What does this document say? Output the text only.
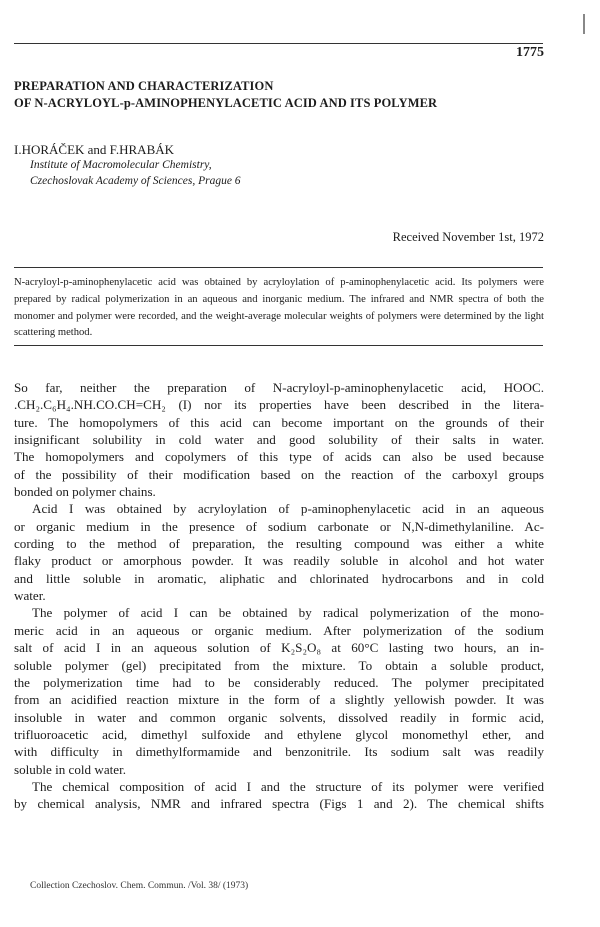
1775
PREPARATION AND CHARACTERIZATION
OF N-ACRYLOYL-p-AMINOPHENYLACETIC ACID AND ITS POLYMER
I.HORÁČEK and F.HRABÁK
Institute of Macromolecular Chemistry,
Czechoslovak Academy of Sciences, Prague 6
Received November 1st, 1972
N-acryloyl-p-aminophenylacetic acid was obtained by acryloylation of p-aminophenylacetic acid. Its polymers were prepared by radical polymerization in an aqueous and inorganic medium. The infrared and NMR spectra of both the monomer and polymer were recorded, and the weight-average molecular weights of polymers were determined by the light scattering method.
So far, neither the preparation of N-acryloyl-p-aminophenylacetic acid, HOOC.
.CH₂.C₆H₄.NH.CO.CH=CH₂ (I) nor its properties have been described in the litera-
ture. The homopolymers of this acid can become important on the grounds of their
insignificant solubility in cold water and good solubility of their salts in water.
The homopolymers and copolymers of this type of acids can also be used because
of the possibility of their modification based on the reaction of the carboxyl groups
bonded on polymer chains.
Acid I was obtained by acryloylation of p-aminophenylacetic acid in an aqueous
or organic medium in the presence of sodium carbonate or N,N-dimethylaniline. Ac-
cording to the method of preparation, the resulting compound was either a white
flaky product or amorphous powder. It was readily soluble in alcohol and hot water
and little soluble in aromatic, aliphatic and chlorinated hydrocarbons and in cold
water.
The polymer of acid I can be obtained by radical polymerization of the mono-
meric acid in an aqueous or organic medium. After polymerization of the sodium
salt of acid I in an aqueous solution of K₂S₂O₈ at 60°C lasting two hours, an in-
soluble polymer (gel) precipitated from the mixture. To obtain a soluble product,
the polymerization time had to be considerably reduced. The polymer precipitated
from an acidified reaction mixture in the form of a slightly yellowish powder. It was
insoluble in water and common organic solvents, dissolved readily in formic acid,
trifluoroacetic acid, dimethyl sulfoxide and ethylene glycol monomethyl ether, and
with difficulty in dimethylformamide and benzonitrile. Its sodium salt was readily
soluble in cold water.
The chemical composition of acid I and the structure of its polymer were verified
by chemical analysis, NMR and infrared spectra (Figs 1 and 2). The chemical shifts
Collection Czechoslov. Chem. Commun. /Vol. 38/ (1973)
